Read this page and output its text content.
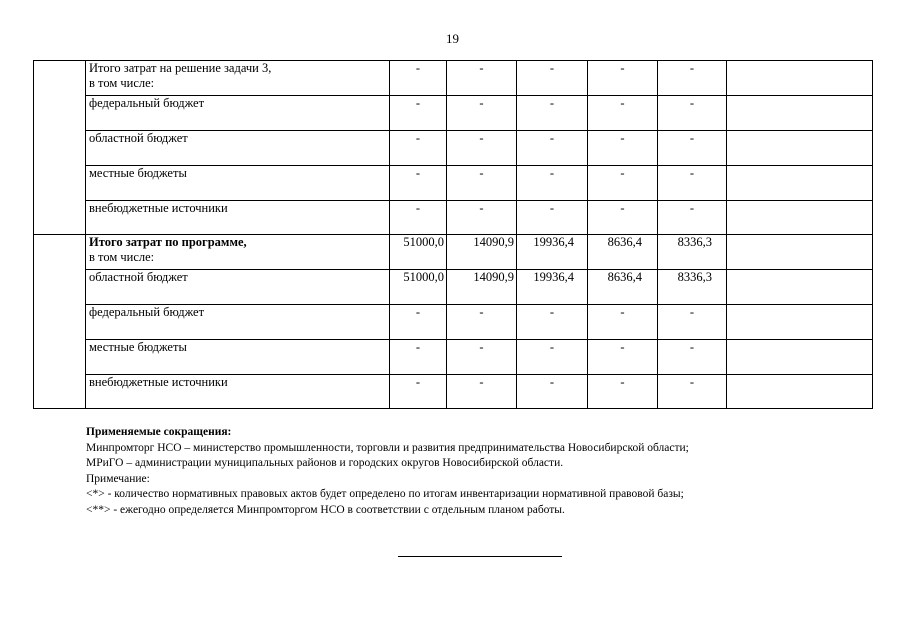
19

	Итого затрат на решение задачи 3,
в том числе:	-	-	-	-	-	

	федеральный бюджет	-	-	-	-	-	

	областной бюджет	-	-	-	-	-	

	местные бюджеты	-	-	-	-	-	

	внебюджетные источники	-	-	-	-	-	

	Итого затрат по программе,
в том числе:	51000,0	14090,9	19936,4	8636,4	8336,3	

	областной бюджет	51000,0	14090,9	19936,4	8636,4	8336,3	

	федеральный бюджет	-	-	-	-	-	

	местные бюджеты	-	-	-	-	-	

	внебюджетные источники	-	-	-	-	-	
Применяемые сокращения:
Минпромторг НСО – министерство промышленности, торговли и развития предпринимательства Новосибирской области;
МРиГО – администрации муниципальных районов и городских округов Новосибирской области.
Примечание:
<*> - количество нормативных правовых актов будет определено по итогам инвентаризации нормативной правовой базы;
<**> - ежегодно определяется Минпромторгом НСО в соответствии с отдельным планом работы.
